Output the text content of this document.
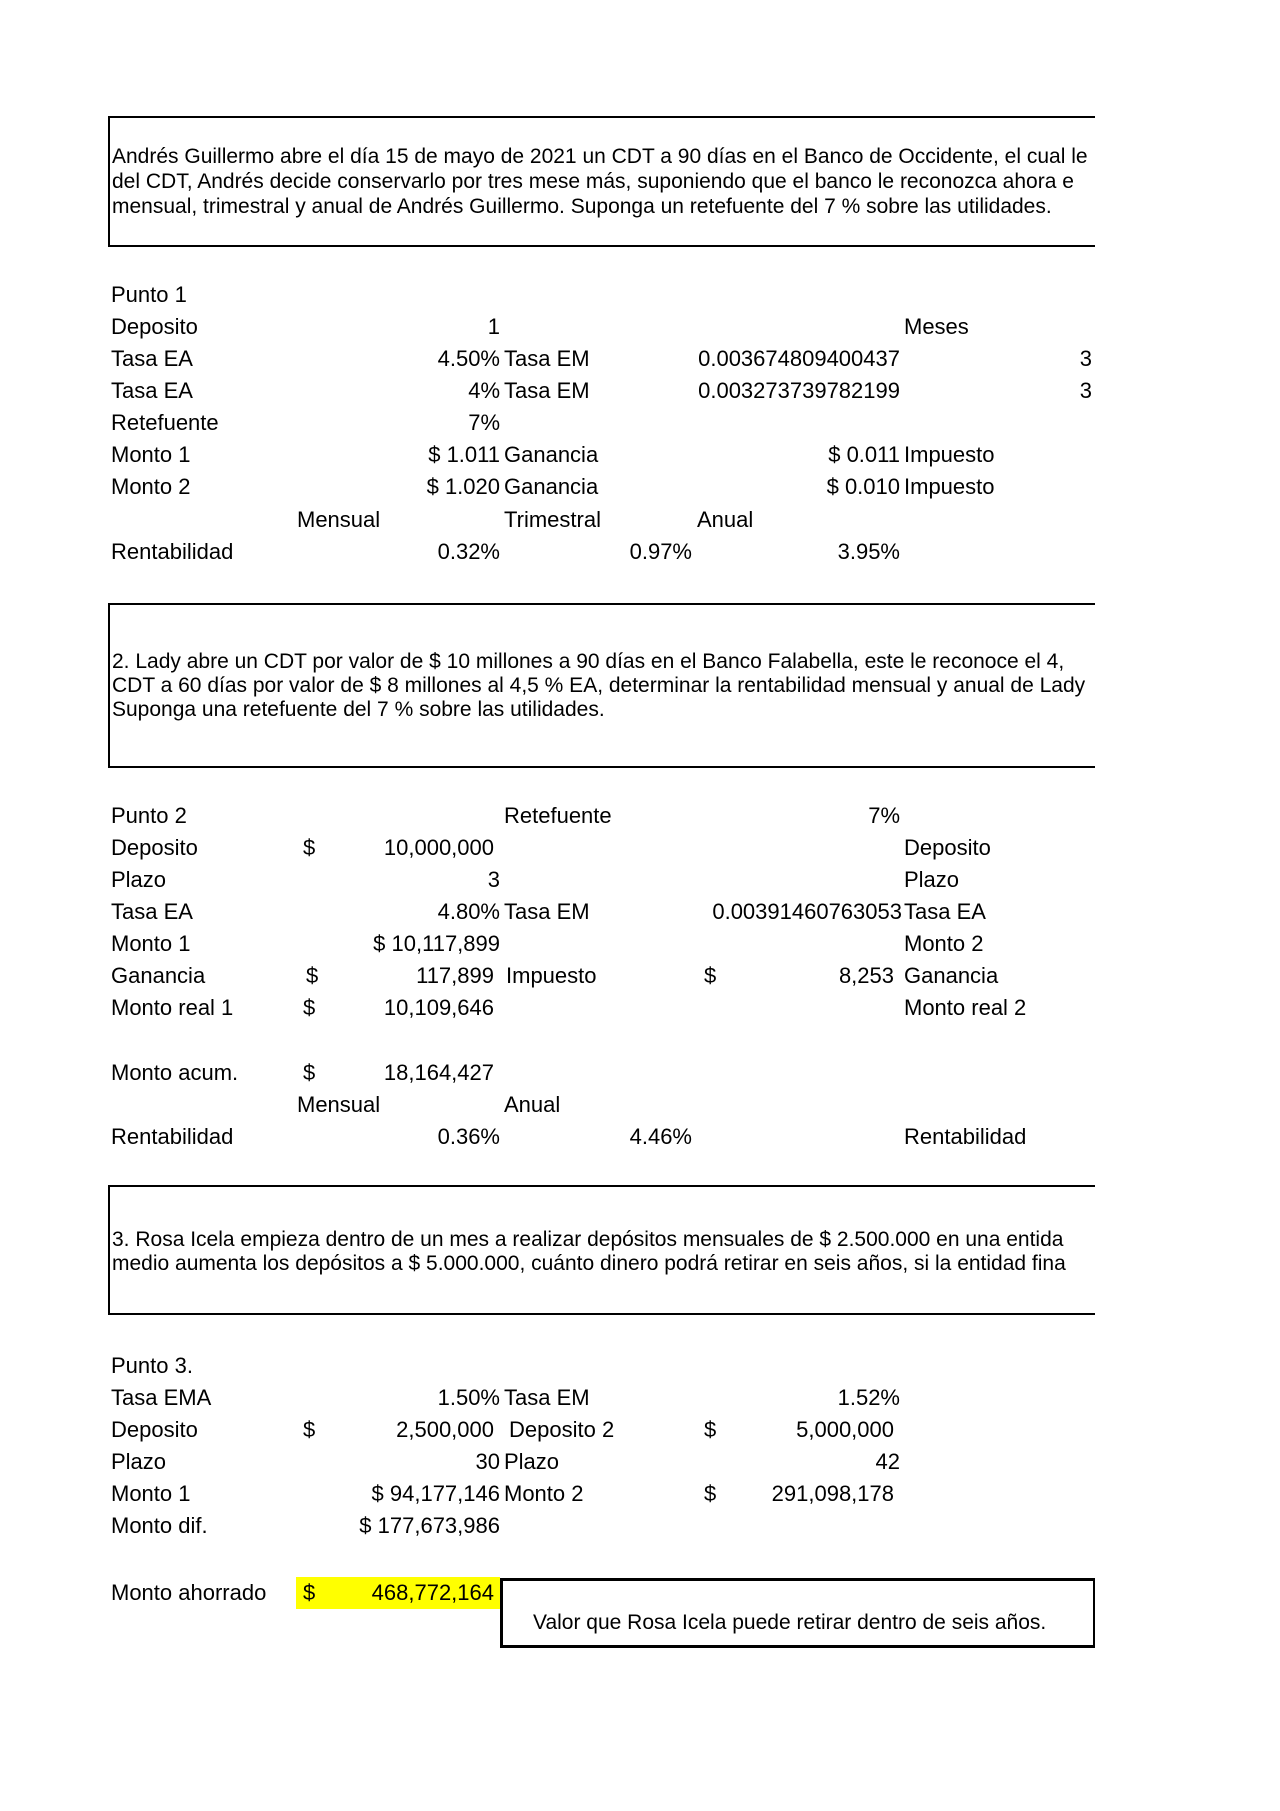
Andrés Guillermo abre el día 15 de mayo de 2021 un CDT a 90 días en el Banco de Occidente, el cual le
del CDT, Andrés decide conservarlo por tres mese más, suponiendo que el banco le reconozca ahora e
mensual, trimestral y anual de Andrés Guillermo. Suponga un retefuente del 7 % sobre las utilidades.
Punto 1
Deposito	1	Meses
Tasa EA	4.50% Tasa EM	0.003674809400437	3
Tasa EA	4% Tasa EM	0.003273739782199	3
Retefuente	7%
Monto 1	$ 1.011 Ganancia	$ 0.011 Impuesto
Monto 2	$ 1.020 Ganancia	$ 0.010 Impuesto
Mensual	Trimestral	Anual
Rentabilidad	0.32%	0.97%	3.95%
2. Lady abre un CDT por valor de $ 10 millones a 90 días en el Banco Falabella, este le reconoce el 4,
CDT a 60 días por valor de $ 8 millones al 4,5 % EA, determinar la rentabilidad mensual y anual de Lady
Suponga una retefuente del 7 % sobre las utilidades.
Punto 2	Retefuente	7%
Deposito	$	10,000,000	Deposito
Plazo	3	Plazo
Tasa EA	4.80% Tasa EM	0.00391460763053 Tasa EA
Monto 1	$ 10,117,899	Monto 2
Ganancia	$	117,899 Impuesto	$	8,253 Ganancia
Monto real 1	$	10,109,646	Monto real 2
Monto acum.	$	18,164,427
Mensual	Anual
Rentabilidad	0.36%	4.46%	Rentabilidad
3. Rosa Icela empieza dentro de un mes a realizar depósitos mensuales de $ 2.500.000 en una entida
medio aumenta los depósitos a $ 5.000.000, cuánto dinero podrá retirar en seis años, si la entidad fina
Punto 3.
Tasa EMA	1.50% Tasa EM	1.52%
Deposito	$	2,500,000 Deposito 2	$	5,000,000
Plazo	30 Plazo	42
Monto 1	$ 94,177,146 Monto 2	$	291,098,178
Monto dif.	$ 177,673,986
Monto ahorrado $	468,772,164
Valor que Rosa Icela puede retirar dentro de seis años.
